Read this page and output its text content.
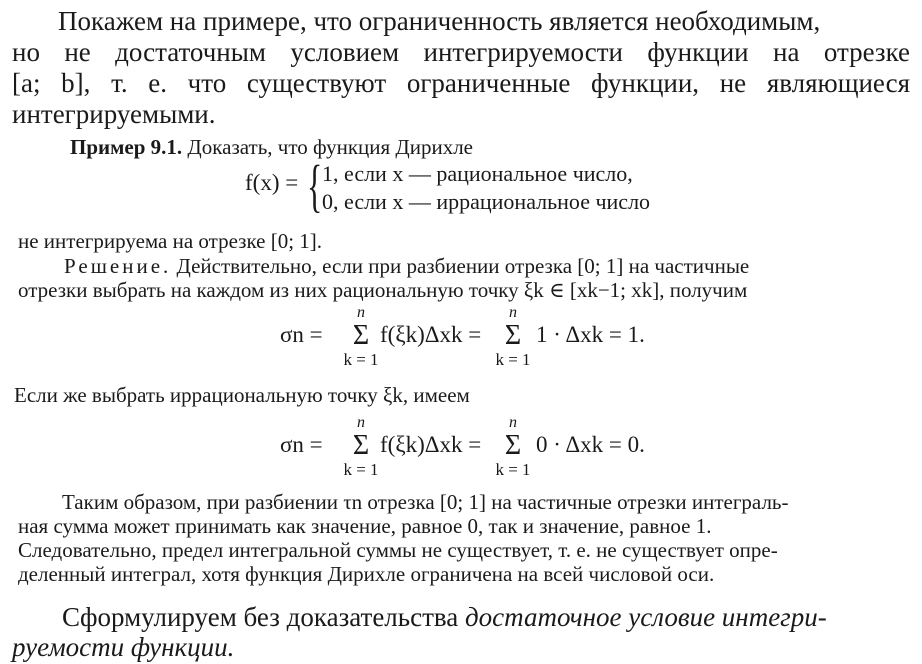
Покажем на примере, что ограниченность является необходимым,
но не достаточным условием интегрируемости функции на отрезке
[a; b], т. е. что существуют ограниченные функции, не являющиеся
интегрируемыми.
Пример 9.1. Доказать, что функция Дирихле
f(x) = { 1, если x — рациональное число,
0, если x — иррациональное число
не интегрируема на отрезке [0; 1].
Решение. Действительно, если при разбиении отрезка [0; 1] на частичные
отрезки выбрать на каждом из них рациональную точку ξk ∈ [xk−1; xk], получим
σn =
n
Σ
k = 1
f(ξk)Δxk =
n
Σ
k = 1
1 · Δxk = 1.
Если же выбрать иррациональную точку ξk, имеем
σn =
n
Σ
k = 1
f(ξk)Δxk =
n
Σ
k = 1
0 · Δxk = 0.
Таким образом, при разбиении τn отрезка [0; 1] на частичные отрезки интеграль-
ная сумма может принимать как значение, равное 0, так и значение, равное 1.
Следовательно, предел интегральной суммы не существует, т. е. не существует опре-
деленный интеграл, хотя функция Дирихле ограничена на всей числовой оси.
Сформулируем без доказательства достаточное условие интегри-
руемости функции.
